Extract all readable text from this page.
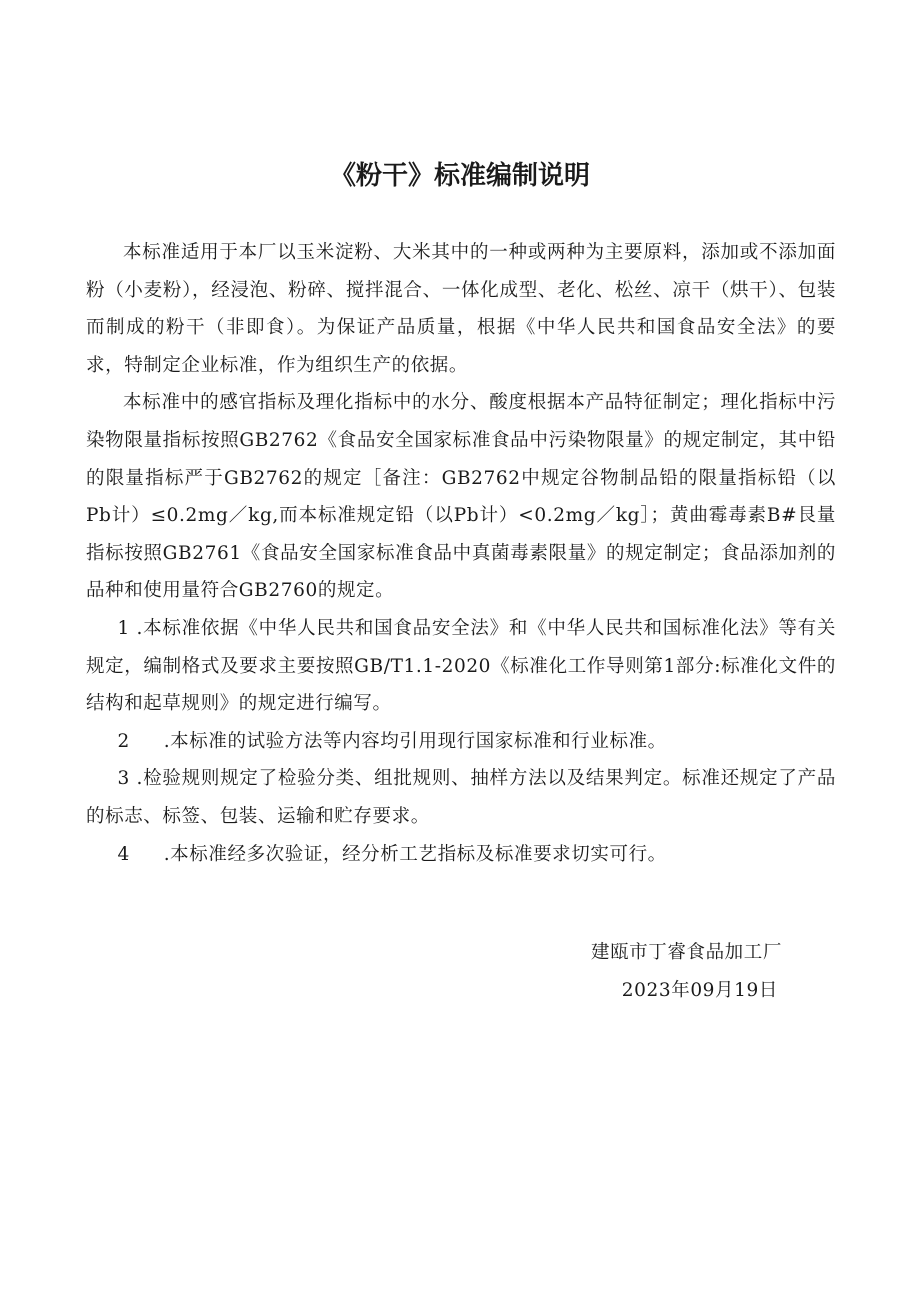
《粉干》标准编制说明

本标准适用于本厂以玉米淀粉、大米其中的一种或两种为主要原料，添加或不添加面粉（小麦粉），经浸泡、粉碎、搅拌混合、一体化成型、老化、松丝、凉干（烘干）、包装而制成的粉干（非即食）。为保证产品质量，根据《中华人民共和国食品安全法》的要求，特制定企业标准，作为组织生产的依据。

本标准中的感官指标及理化指标中的水分、酸度根据本产品特征制定；理化指标中污染物限量指标按照GB2762《食品安全国家标准食品中污染物限量》的规定制定，其中铅的限量指标严于GB2762的规定［备注：GB2762中规定谷物制品铅的限量指标铅（以Pb计）≤0.2mg／kg,而本标准规定铅（以Pb计）<0.2mg／kg］；黄曲霉毒素B#艮量指标按照GB2761《食品安全国家标准食品中真菌毒素限量》的规定制定；食品添加剂的品种和使用量符合GB2760的规定。

1 .本标准依据《中华人民共和国食品安全法》和《中华人民共和国标准化法》等有关规定，编制格式及要求主要按照GB/T1.1-2020《标准化工作导则第1部分:标准化文件的结构和起草规则》的规定进行编写。

2 .本标准的试验方法等内容均引用现行国家标准和行业标准。

3 .检验规则规定了检验分类、组批规则、抽样方法以及结果判定。标准还规定了产品的标志、标签、包装、运输和贮存要求。

4 .本标准经多次验证，经分析工艺指标及标准要求切实可行。

建瓯市丁睿食品加工厂
2023年09月19日
